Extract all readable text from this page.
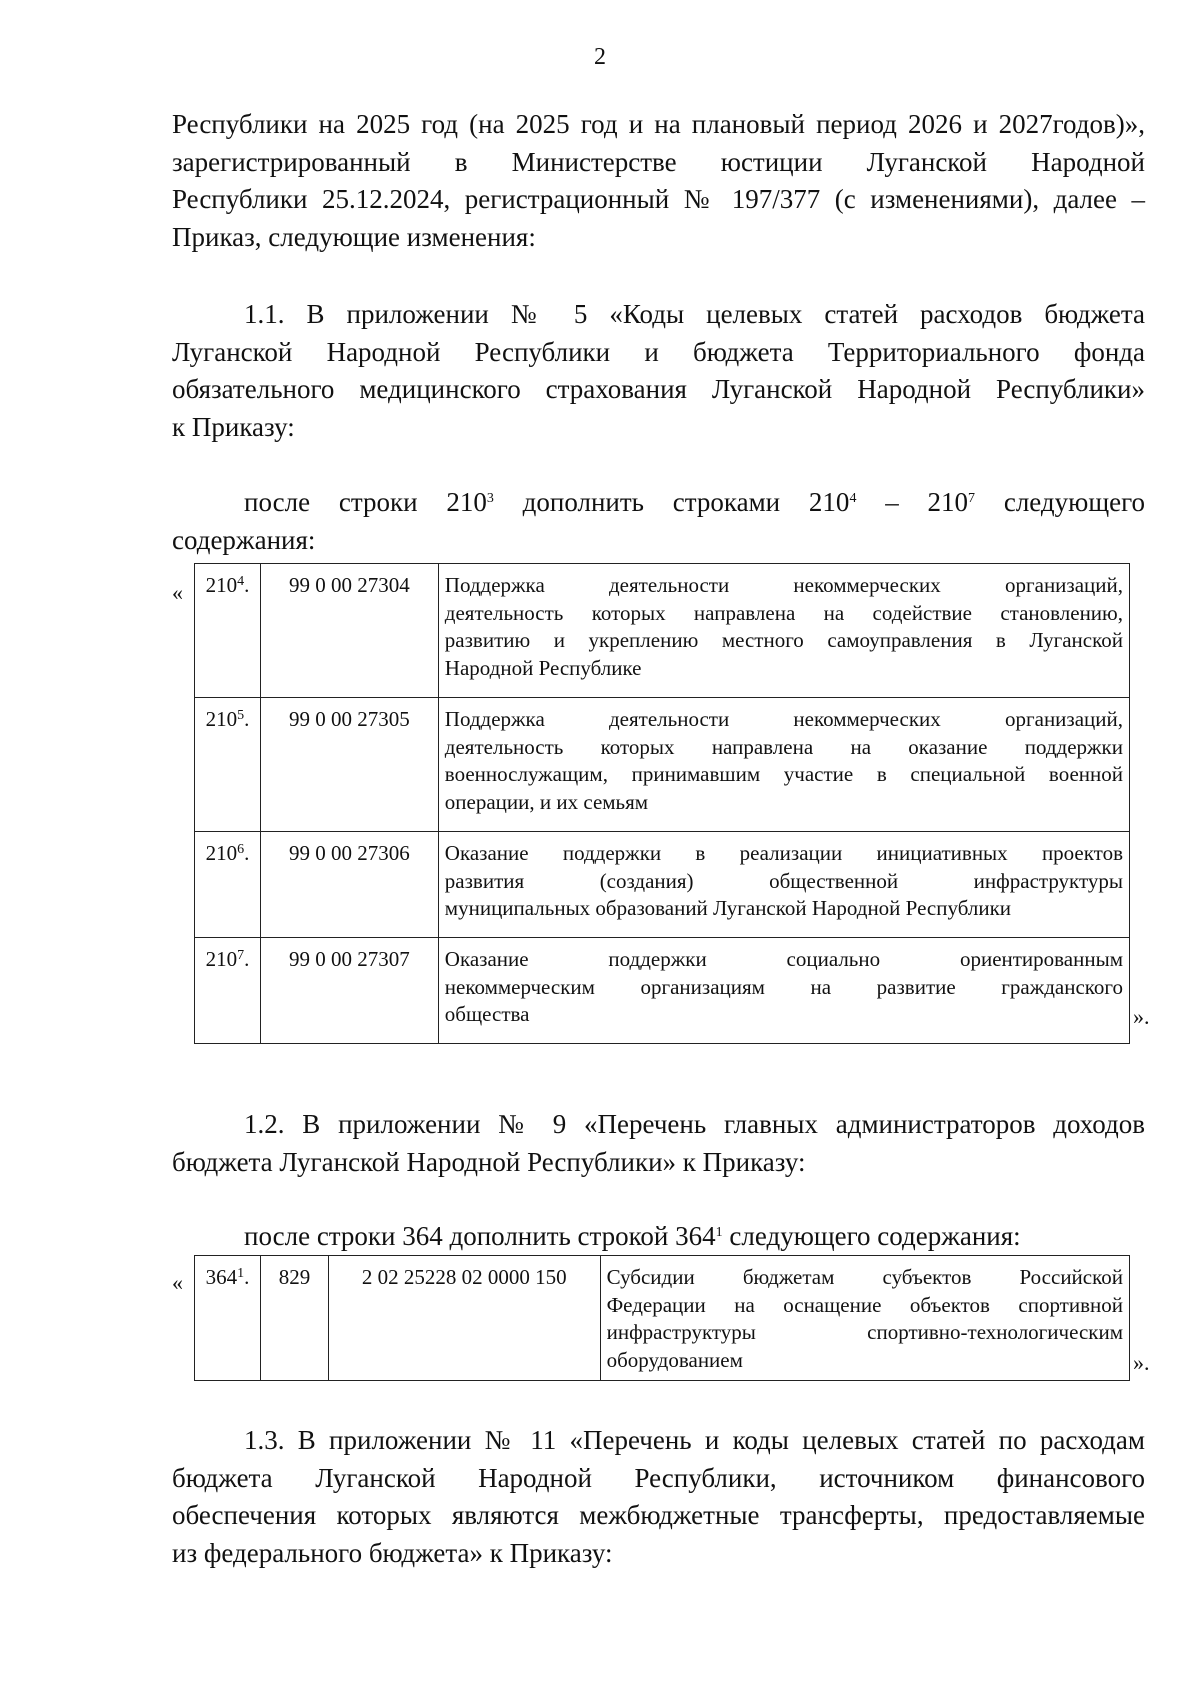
2
Республики на 2025 год (на 2025 год и на плановый период 2026 и 2027годов)»,
зарегистрированный в Министерстве юстиции Луганской Народной
Республики 25.12.2024, регистрационный № 197/377 (с изменениями), далее –
Приказ, следующие изменения:
1.1. В приложении № 5 «Коды целевых статей расходов бюджета
Луганской Народной Республики и бюджета Территориального фонда
обязательного медицинского страхования Луганской Народной Республики»
к Приказу:
после строки $210^3$ дополнить строками $210^4 - 210^7$ следующего
содержания:
« $210^4$.	99 0 00 27304	Поддержка деятельности некоммерческих организаций,
деятельность которых направлена на содействие становлению,
развитию и укреплению местного самоуправления в Луганской
Народной Республике

$210^5$.	99 0 00 27305	Поддержка деятельности некоммерческих организаций,
деятельность которых направлена на оказание поддержки
военнослужащим, принимавшим участие в специальной военной
операции, и их семьям

$210^6$.	99 0 00 27306	Оказание поддержки в реализации инициативных проектов
развития (создания) общественной инфраструктуры
муниципальных образований Луганской Народной Республики

$210^7$.	99 0 00 27307	Оказание поддержки социально ориентированным
некоммерческим организациям на развитие гражданского
общества	».
1.2. В приложении № 9 «Перечень главных администраторов доходов
бюджета Луганской Народной Республики» к Приказу:
после строки 364 дополнить строкой $364^1$ следующего содержания:
« $364^1$.	829	2 02 25228 02 0000 150	Субсидии бюджетам субъектов Российской
Федерации на оснащение объектов спортивной
инфраструктуры спортивно-технологическим
оборудованием	».
1.3. В приложении № 11 «Перечень и коды целевых статей по расходам
бюджета Луганской Народной Республики, источником финансового
обеспечения которых являются межбюджетные трансферты, предоставляемые
из федерального бюджета» к Приказу:
